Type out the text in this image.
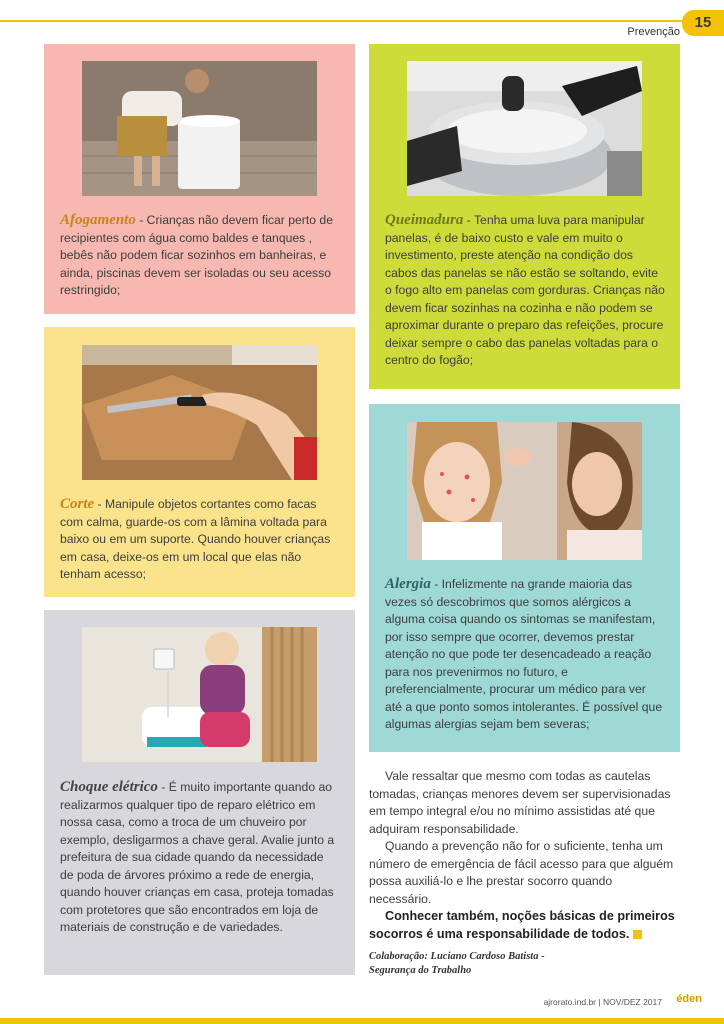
15
Prevenção
Afogamento - Crianças não devem ficar perto de recipientes com água como baldes e tanques , bebês não podem ficar sozinhos em banheiras, e ainda, piscinas devem ser isoladas ou seu acesso restringido;
Corte - Manipule objetos cortantes como facas com calma, guarde-os com a lâmina voltada para baixo ou em um suporte. Quando houver crianças em casa, deixe-os em um local que elas não tenham acesso;
Choque elétrico - É muito importante quando ao realizarmos qualquer tipo de reparo elétrico em nossa casa, como a troca de um chuveiro por exemplo, desligarmos a chave geral. Avalie junto a prefeitura de sua cidade quando da necessidade de poda de árvores próximo a rede de energia, quando houver crianças em casa, proteja tomadas com protetores que são encontrados em loja de materiais de construção e de variedades.
Queimadura - Tenha uma luva para manipular panelas, é de baixo custo e vale em muito o investimento, preste atenção na condição dos cabos das panelas se não estão se soltando, evite o fogo alto em panelas com gorduras. Crianças não devem ficar sozinhas na cozinha e não podem se aproximar durante o preparo das refeições, procure deixar sempre o cabo das panelas voltadas para o centro do fogão;
Alergia - Infelizmente na grande maioria das vezes só descobrimos que somos alérgicos a alguma coisa quando os sintomas se manifestam, por isso sempre que ocorrer, devemos prestar atenção no que pode ter desencadeado a reação para nos prevenirmos no futuro, e preferencialmente, procurar um médico para ver até a que ponto somos intolerantes. É possível que algumas alergias sejam bem severas;
Vale ressaltar que mesmo com todas as cautelas tomadas, crianças menores devem ser supervisionadas em tempo integral e/ou no mínimo assistidas até que adquiram responsabilidade.
Quando a prevenção não for o suficiente, tenha um número de emergência de fácil acesso para que alguém possa auxiliá-lo e lhe prestar socorro quando necessário.
Conhecer também, noções básicas de primeiros socorros é uma responsabilidade de todos.
Colaboração: Luciano Cardoso Batista -
Segurança do Trabalho
ajrorato.ind.br | NOV/DEZ 2017 éden
